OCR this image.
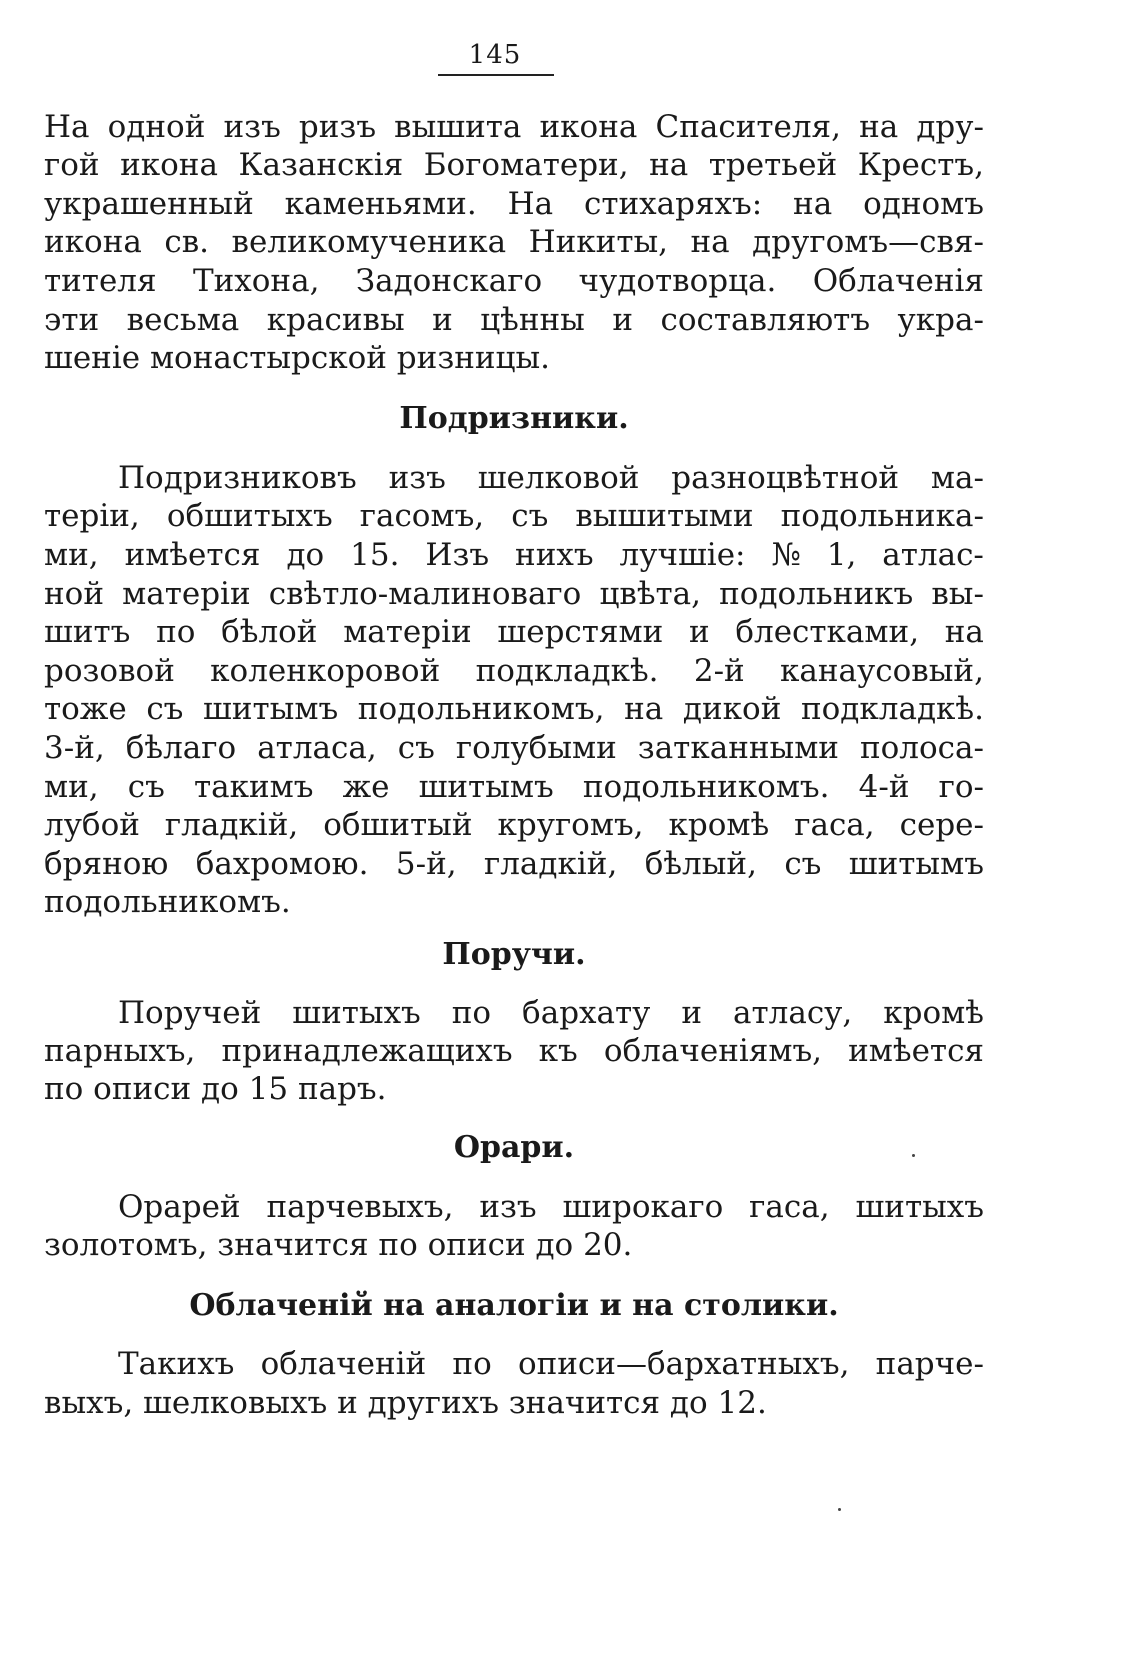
145
На одной изъ ризъ вышита икона Спасителя, на дру-
гой икона Казанскія Богоматери, на третьей Крестъ,
украшенный каменьями. На стихаряхъ: на одномъ
икона св. великомученика Никиты, на другомъ—свя-
тителя Тихона, Задонскаго чудотворца. Облаченія
эти весьма красивы и цѣнны и составляютъ укра-
шеніе монастырской ризницы.
Подризники.
Подризниковъ изъ шелковой разноцвѣтной ма-
теріи, обшитыхъ гасомъ, съ вышитыми подольника-
ми, имѣется до 15. Изъ нихъ лучшіе: № 1, атлас-
ной матеріи свѣтло-малиноваго цвѣта, подольникъ вы-
шитъ по бѣлой матеріи шерстями и блестками, на
розовой коленкоровой подкладкѣ. 2-й канаусовый,
тоже съ шитымъ подольникомъ, на дикой подкладкѣ.
3-й, бѣлаго атласа, съ голубыми затканными полоса-
ми, съ такимъ же шитымъ подольникомъ. 4-й го-
лубой гладкій, обшитый кругомъ, кромѣ гаса, сере-
бряною бахромою. 5-й, гладкій, бѣлый, съ шитымъ
подольникомъ.
Поручи.
Поручей шитыхъ по бархату и атласу, кромѣ
парныхъ, принадлежащихъ къ облаченіямъ, имѣется
по описи до 15 паръ.
Орари.
Орарей парчевыхъ, изъ широкаго гаса, шитыхъ
золотомъ, значится по описи до 20.
Облаченій на аналогіи и на столики.
Такихъ облаченій по описи—бархатныхъ, парче-
выхъ, шелковыхъ и другихъ значится до 12.
